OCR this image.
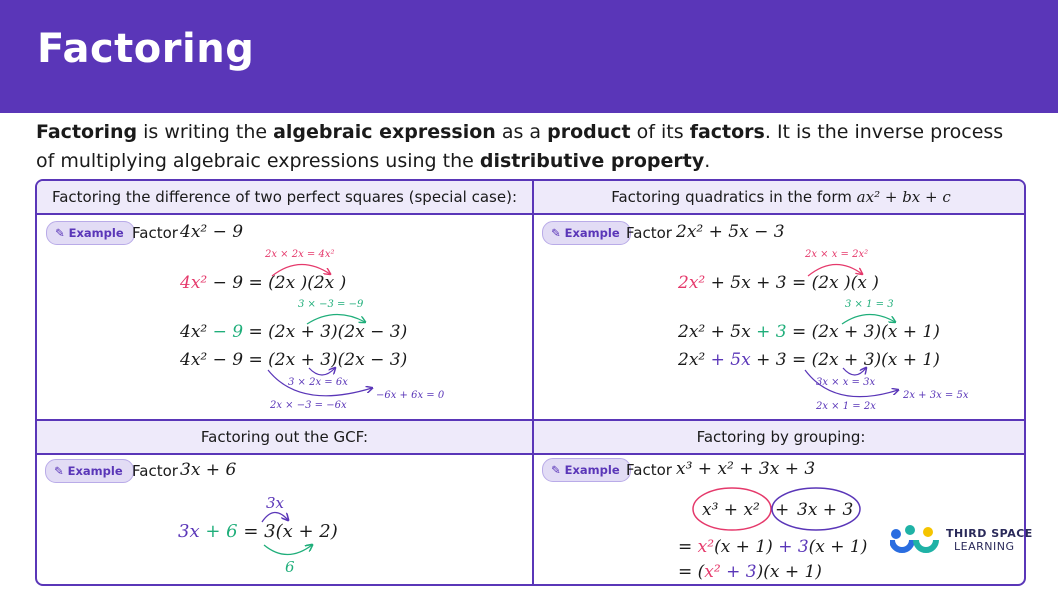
Factoring
Factoring is writing the algebraic expression as a product of its factors. It is the inverse process of multiplying algebraic expressions using the distributive property.
Factoring the difference of two perfect squares (special case):	Factoring quadratics in the form ax² + bx + c
Factoring out the GCF:	Factoring by grouping:
✎ Example Factor 4x² − 9
4x² − 9 = (2x )(2x )
4x² − 9 = (2x + 3)(2x − 3)
4x² − 9 = (2x + 3)(2x − 3)
✎ Example Factor 2x² + 5x − 3
2x² + 5x + 3 = (2x )(x )
2x² + 5x + 3 = (2x + 3)(x + 1)
2x² + 5x + 3 = (2x + 3)(x + 1)
✎ Example Factor 3x + 6
3x
3x + 6 = 3(x + 2)
6
✎ Example Factor x³ + x² + 3x + 3
x³ + x² + 3x + 3
= x²(x + 1) + 3(x + 1)
= (x² + 3)(x + 1)
2x × 2x = 4x²
3 × −3 = −9
3 × 2x = 6x
2x × −3 = −6x
−6x + 6x = 0
2x × x = 2x²
3 × 1 = 3
3x × x = 3x
2x × 1 = 2x
2x + 3x = 5x
THIRD SPACE
LEARNING
